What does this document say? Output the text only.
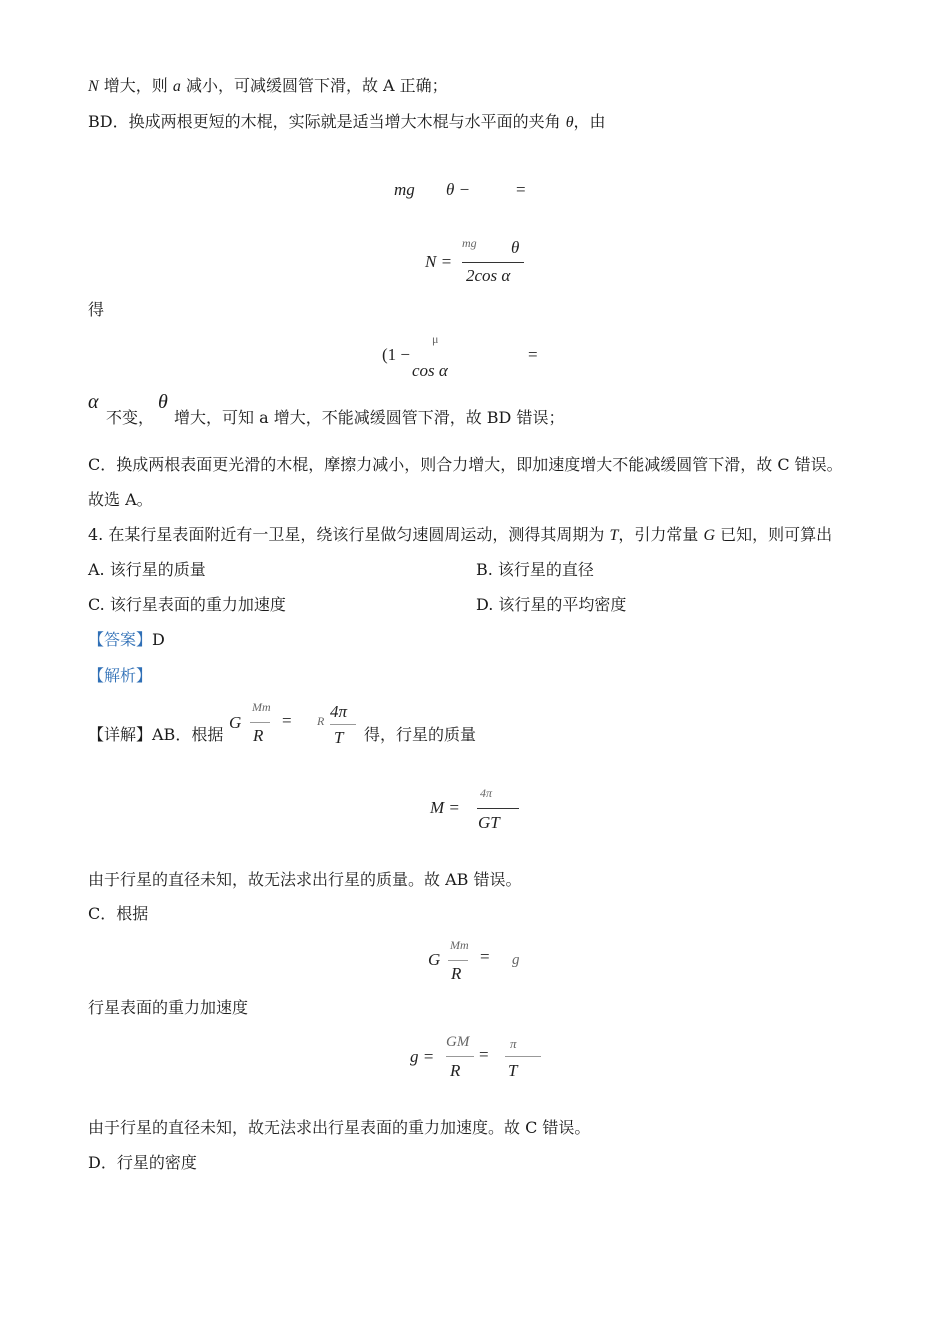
N 增大，则 a 减小，可减缓圆管下滑，故 A 正确；
BD．换成两根更短的木棍，实际就是适当增大木棍与水平面的夹角 θ，由
mg θ −	=
N =
mg θ
2cos α
得
(1 −
μ
cos α
=
α
不变，
θ
增大，可知 a 增大，不能减缓圆管下滑，故 BD 错误；
C．换成两根表面更光滑的木棍，摩擦力减小，则合力增大，即加速度增大不能减缓圆管下滑，故 C 错误。
故选 A。
4. 在某行星表面附近有一卫星，绕该行星做匀速圆周运动，测得其周期为 T，引力常量 G 已知，则可算出
A. 该行星的质量	B. 该行星的直径
C. 该行星表面的重力加速度	D. 该行星的平均密度
【答案】D
【解析】
【详解】AB．根据
G
Mm
R
= R 4π
T 得，行星的质量
M =
4π
GT
由于行星的直径未知，故无法求出行星的质量。故 AB 错误。
C．根据
G
Mm
R
= g
行星表面的重力加速度
g =
GM
R
=
π
T
由于行星的直径未知，故无法求出行星表面的重力加速度。故 C 错误。
D．行星的密度
